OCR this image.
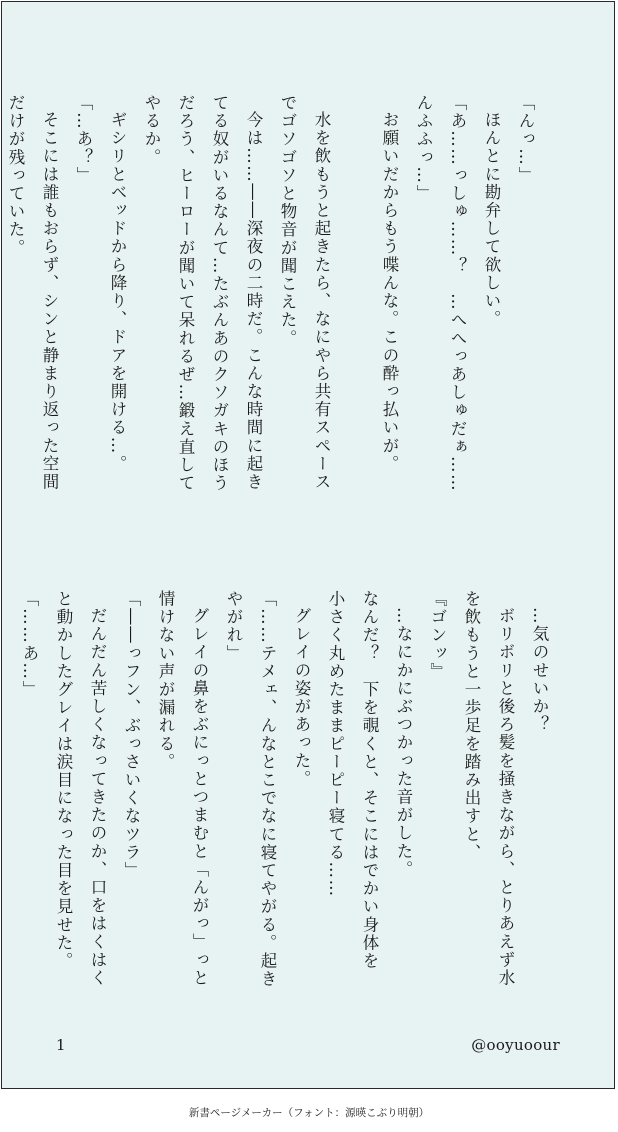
「んっ…」
ほんとに勘弁して欲しい。
「あ……っしゅ……？　…へへっあしゅだぁ……
んふふっ…」
お願いだからもう喋んな。この酔っ払いが。
水を飲もうと起きたら、なにやら共有スペース
でゴソゴソと物音が聞こえた。
今は……――深夜の二時だ。こんな時間に起き
てる奴がいるなんて…たぶんあのクソガキのほう
だろう、ヒーローが聞いて呆れるぜ…鍛え直して
やるか。
ギシリとベッドから降り、ドアを開ける…。
「…あ？」
そこには誰もおらず、シンと静まり返った空間
だけが残っていた。
…気のせいか？
ボリボリと後ろ髪を掻きながら、とりあえず水
を飲もうと一歩足を踏み出すと、
『ゴンッ』
…なにかにぶつかった音がした。
なんだ？　下を覗くと、そこにはでかい身体を
小さく丸めたままピーピー寝てる……
グレイの姿があった。
「……テメェ、んなとこでなに寝てやがる。起き
やがれ」
グレイの鼻をぶにっとつまむと「んがっ」っと
情けない声が漏れる。
「――っフン、ぶっさいくなツラ」
だんだん苦しくなってきたのか、口をはくはく
と動かしたグレイは涙目になった目を見せた。
「……あ…」
1	@ooyuoour
新書ページメーカー（フォント：源暎こぶり明朝）
